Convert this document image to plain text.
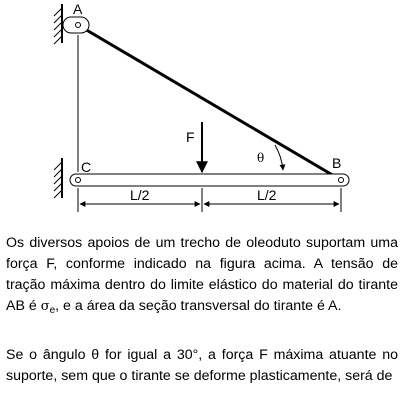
A
C	B
F
θ
L/2	L/2

Os diversos apoios de um trecho de oleoduto suportam uma força F, conforme indicado na figura acima. A tensão de tração máxima dentro do limite elástico do material do tirante AB é $\sigma_e$, e a área da seção transversal do tirante é A.

Se o ângulo θ for igual a 30°, a força F máxima atuante no suporte, sem que o tirante se deforme plasticamente, será de
